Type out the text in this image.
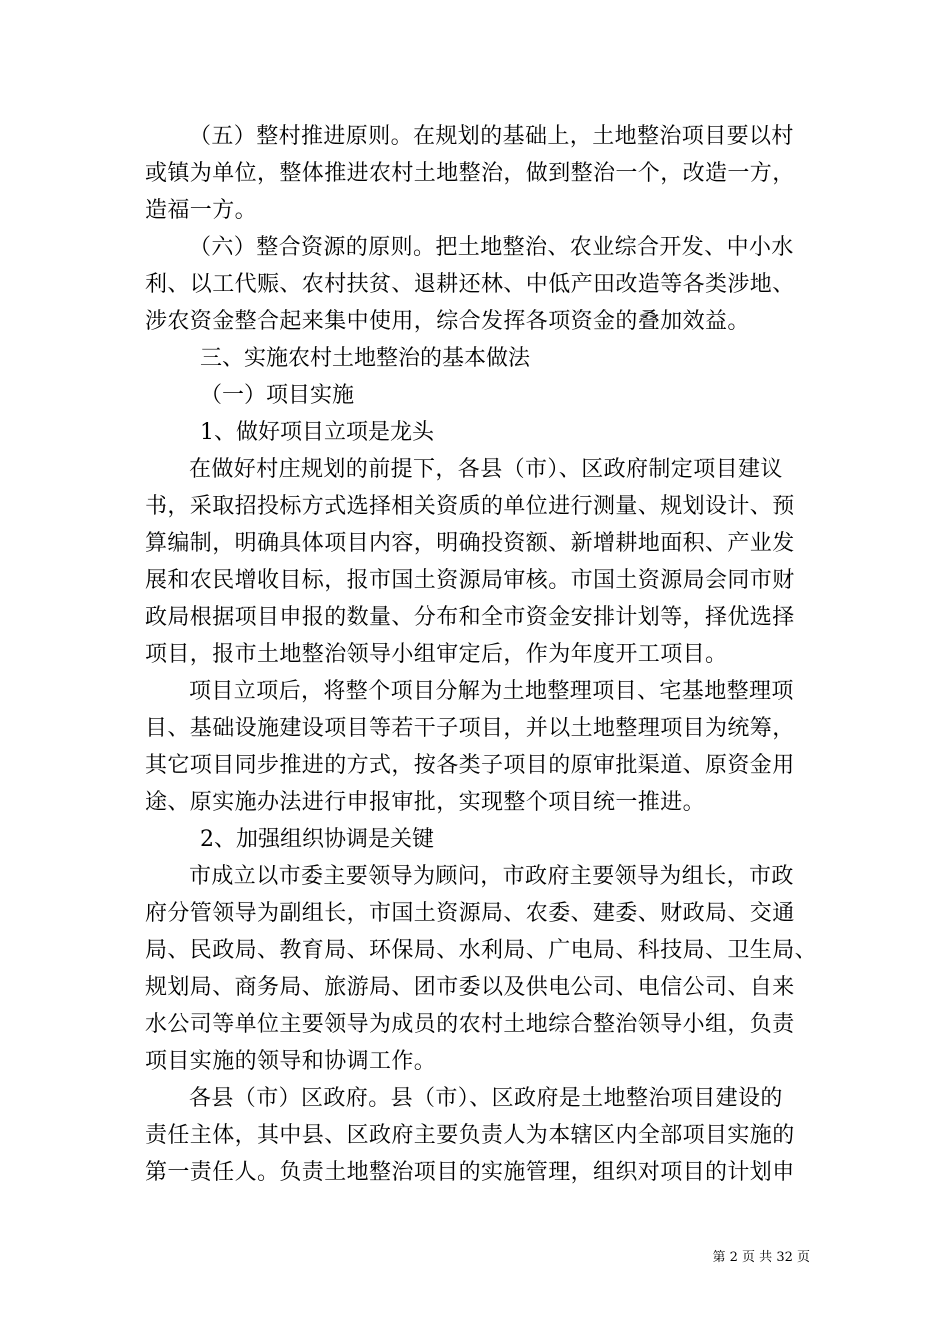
（五）整村推进原则。在规划的基础上，土地整治项目要以村
或镇为单位，整体推进农村土地整治，做到整治一个，改造一方，
造福一方。

（六）整合资源的原则。把土地整治、农业综合开发、中小水
利、以工代赈、农村扶贫、退耕还林、中低产田改造等各类涉地、
涉农资金整合起来集中使用，综合发挥各项资金的叠加效益。

三、实施农村土地整治的基本做法

（一）项目实施

1、做好项目立项是龙头

在做好村庄规划的前提下，各县（市）、区政府制定项目建议
书，采取招投标方式选择相关资质的单位进行测量、规划设计、预
算编制，明确具体项目内容，明确投资额、新增耕地面积、产业发
展和农民增收目标，报市国土资源局审核。市国土资源局会同市财
政局根据项目申报的数量、分布和全市资金安排计划等，择优选择
项目，报市土地整治领导小组审定后，作为年度开工项目。

项目立项后，将整个项目分解为土地整理项目、宅基地整理项
目、基础设施建设项目等若干子项目，并以土地整理项目为统筹，
其它项目同步推进的方式，按各类子项目的原审批渠道、原资金用
途、原实施办法进行申报审批，实现整个项目统一推进。

2、加强组织协调是关键

市成立以市委主要领导为顾问，市政府主要领导为组长，市政
府分管领导为副组长，市国土资源局、农委、建委、财政局、交通
局、民政局、教育局、环保局、水利局、广电局、科技局、卫生局、
规划局、商务局、旅游局、团市委以及供电公司、电信公司、自来
水公司等单位主要领导为成员的农村土地综合整治领导小组，负责
项目实施的领导和协调工作。

各县（市）区政府。县（市）、区政府是土地整治项目建设的
责任主体，其中县、区政府主要负责人为本辖区内全部项目实施的
第一责任人。负责土地整治项目的实施管理，组织对项目的计划申

第 2 页 共 32 页
